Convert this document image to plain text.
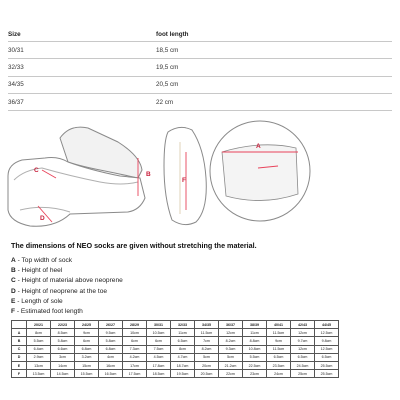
Size	foot length
30/31	18,5 cm
32/33	19,5 cm
34/35	20,5 cm
36/37	22 cm
C
B
D
F
A
The dimensions of NEO socks are given without stretching the material.
A - Top width of sock
B - Height of heel
C - Height of material above neoprene
D - Height of neoprene at the toe
E - Length of sole
F - Estimated foot length
	20/21	22/23	24/25	26/27	28/29	30/31	32/33	34/35	36/37	38/39	40/41	42/43	44/45
A	8cm	8.5cm	9cm	9.5cm	10cm	10.5cm	11cm	11.5cm	12cm	11cm	11.5cm	12cm	12.5cm
B	5.5cm	5.8cm	6cm	5.8cm	6cm	6cm	6.5cm	7cm	8.2cm	8.8cm	9cm	9.7cm	9.8cm
C	6.4cm	6.6cm	6.8cm	6.8cm	7.3cm	7.5cm	8cm	8.2cm	9.3cm	10.8cm	11.5cm	12cm	12.5cm
D	2.9cm	3cm	3.2cm	4cm	4.2cm	4.5cm	4.7cm	5cm	5cm	5.5cm	6.5cm	6.5cm	6.5cm
E	13cm	14cm	15cm	16cm	17cm	17.8cm	18.7cm	20cm	21.2cm	22.5cm	23.5cm	24.5cm	25.5cm
F	13.5cm	14.5cm	15.5cm	16.5cm	17.5cm	18.5cm	19.5cm	20.5cm	22cm	23cm	24cm	25cm	25.5cm
